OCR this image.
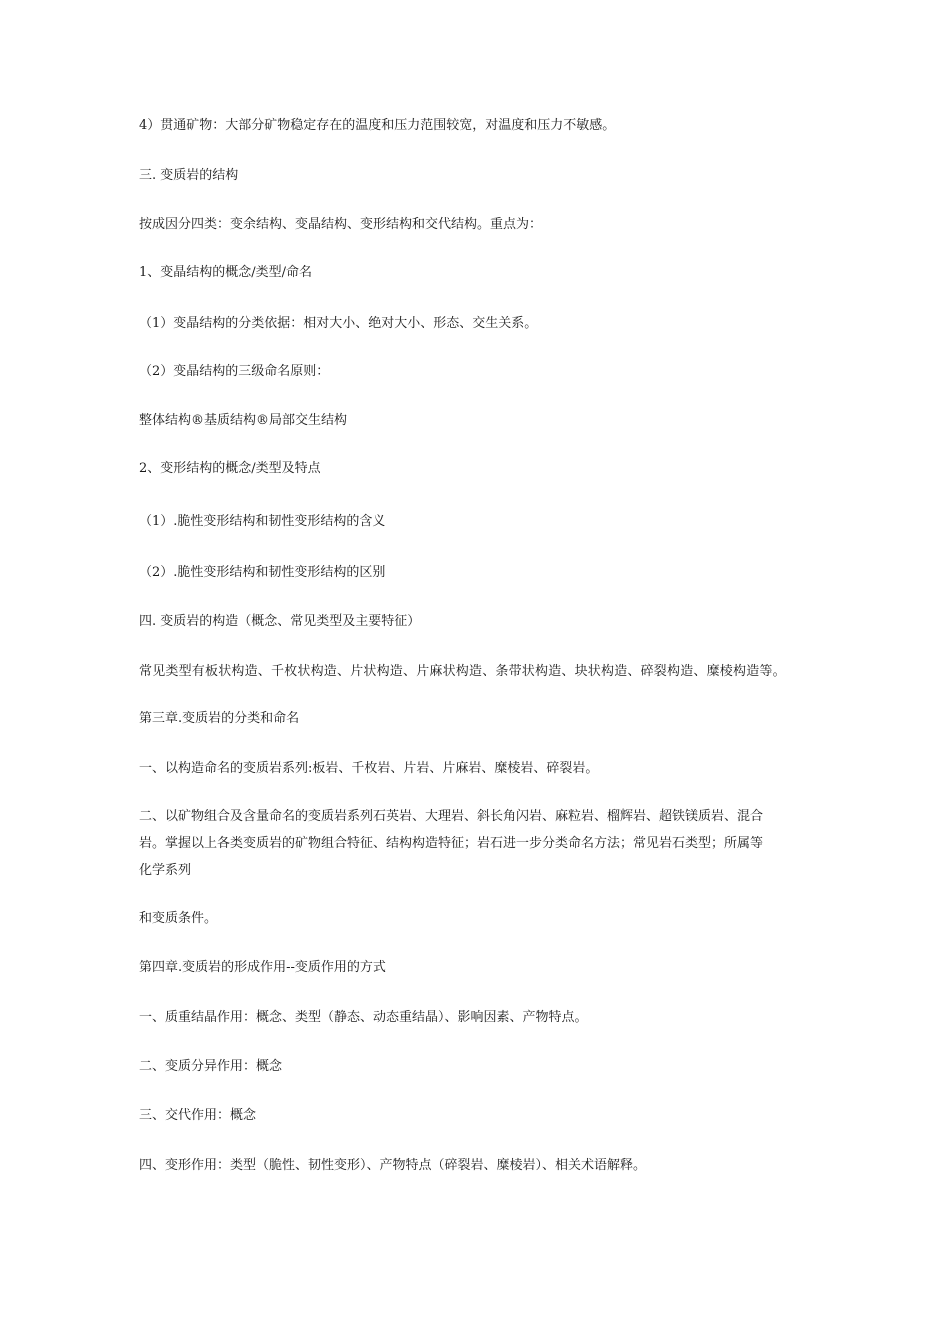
4）贯通矿物：大部分矿物稳定存在的温度和压力范围较宽，对温度和压力不敏感。
三. 变质岩的结构
按成因分四类：变余结构、变晶结构、变形结构和交代结构。重点为：
1、变晶结构的概念/类型/命名
（1）变晶结构的分类依据：相对大小、绝对大小、形态、交生关系。
（2）变晶结构的三级命名原则：
整体结构®基质结构®局部交生结构
2、变形结构的概念/类型及特点
（1）.脆性变形结构和韧性变形结构的含义
（2）.脆性变形结构和韧性变形结构的区别
四. 变质岩的构造（概念、常见类型及主要特征）
常见类型有板状构造、千枚状构造、片状构造、片麻状构造、条带状构造、块状构造、碎裂构造、糜棱构造等。
第三章.变质岩的分类和命名
一、以构造命名的变质岩系列:板岩、千枚岩、片岩、片麻岩、糜棱岩、碎裂岩。
二、以矿物组合及含量命名的变质岩系列石英岩、大理岩、斜长角闪岩、麻粒岩、榴辉岩、超铁镁质岩、混合
岩。掌握以上各类变质岩的矿物组合特征、结构构造特征；岩石进一步分类命名方法；常见岩石类型；所属等
化学系列
和变质条件。
第四章.变质岩的形成作用--变质作用的方式
一、质重结晶作用：概念、类型（静态、动态重结晶）、影响因素、产物特点。
二、变质分异作用：概念
三、交代作用：概念
四、变形作用：类型（脆性、韧性变形）、产物特点（碎裂岩、糜棱岩）、相关术语解释。
